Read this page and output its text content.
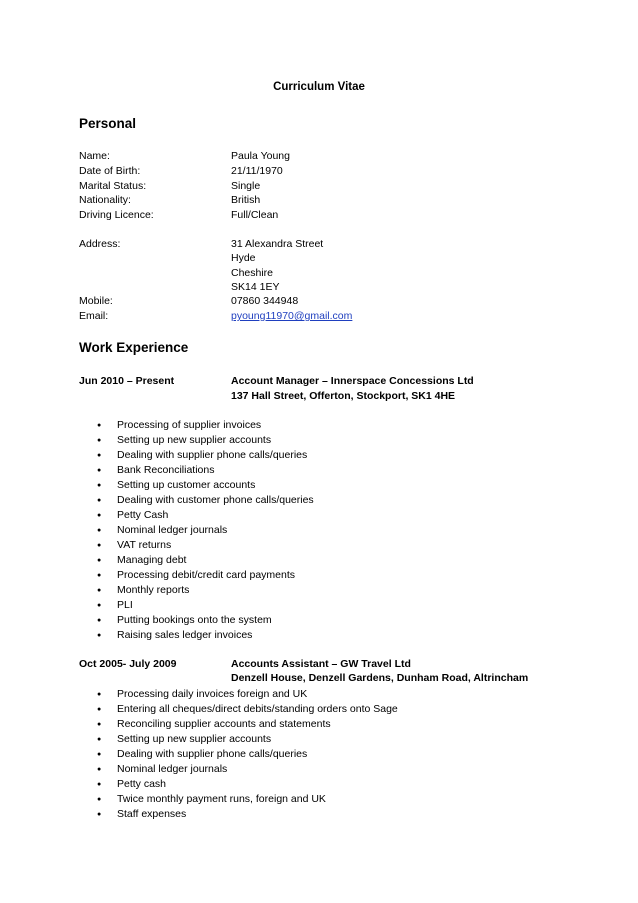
Curriculum Vitae
Personal
Name:	Paula Young
Date of Birth:	21/11/1970
Marital Status:	Single
Nationality:	British
Driving Licence:	Full/Clean
Address:	31 Alexandra Street
Hyde
Cheshire
SK14 1EY
Mobile:	07860 344948
Email:	pyoung11970@gmail.com
Work Experience
Jun 2010 – Present	Account Manager – Innerspace Concessions Ltd
137 Hall Street, Offerton, Stockport, SK1 4HE
● Processing of supplier invoices
● Setting up new supplier accounts
● Dealing with supplier phone calls/queries
● Bank Reconciliations
● Setting up customer accounts
● Dealing with customer phone calls/queries
● Petty Cash
● Nominal ledger journals
● VAT returns
● Managing debt
● Processing debit/credit card payments
● Monthly reports
● PLI
● Putting bookings onto the system
● Raising sales ledger invoices
Oct 2005- July 2009	Accounts Assistant – GW Travel Ltd
Denzell House, Denzell Gardens, Dunham Road, Altrincham
● Processing daily invoices foreign and UK
● Entering all cheques/direct debits/standing orders onto Sage
● Reconciling supplier accounts and statements
● Setting up new supplier accounts
● Dealing with supplier phone calls/queries
● Nominal ledger journals
● Petty cash
● Twice monthly payment runs, foreign and UK
● Staff expenses
